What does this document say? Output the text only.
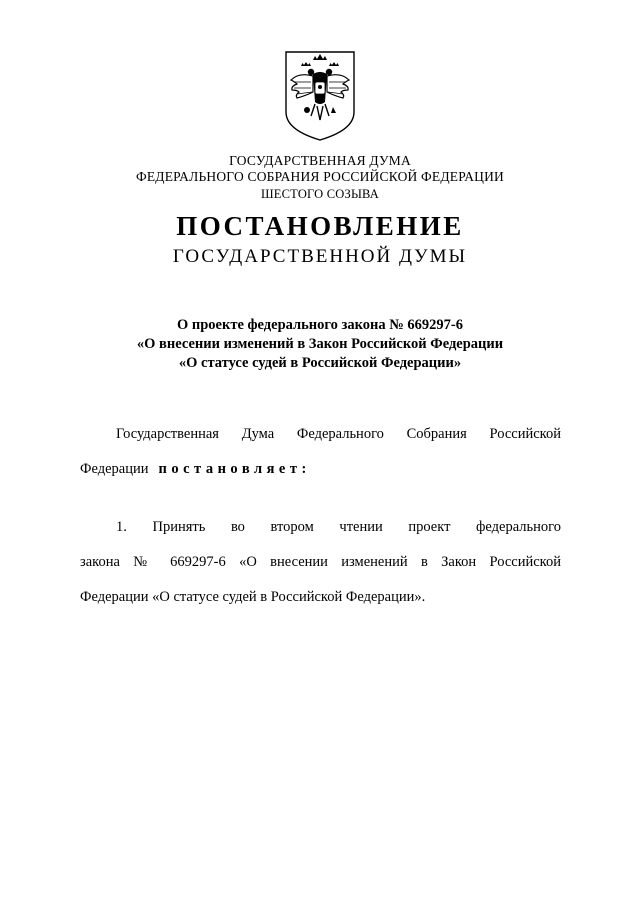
ГОСУДАРСТВЕННАЯ ДУМА
ФЕДЕРАЛЬНОГО СОБРАНИЯ РОССИЙСКОЙ ФЕДЕРАЦИИ
ШЕСТОГО СОЗЫВА
ПОСТАНОВЛЕНИЕ
ГОСУДАРСТВЕННОЙ ДУМЫ
О проекте федерального закона № 669297-6
«О внесении изменений в Закон Российской Федерации
«О статусе судей в Российской Федерации»
Государственная Дума Федерального Собрания Российской
Федерации постановляет:
1. Принять во втором чтении проект федерального
закона № 669297-6 «О внесении изменений в Закон Российской
Федерации «О статусе судей в Российской Федерации».
